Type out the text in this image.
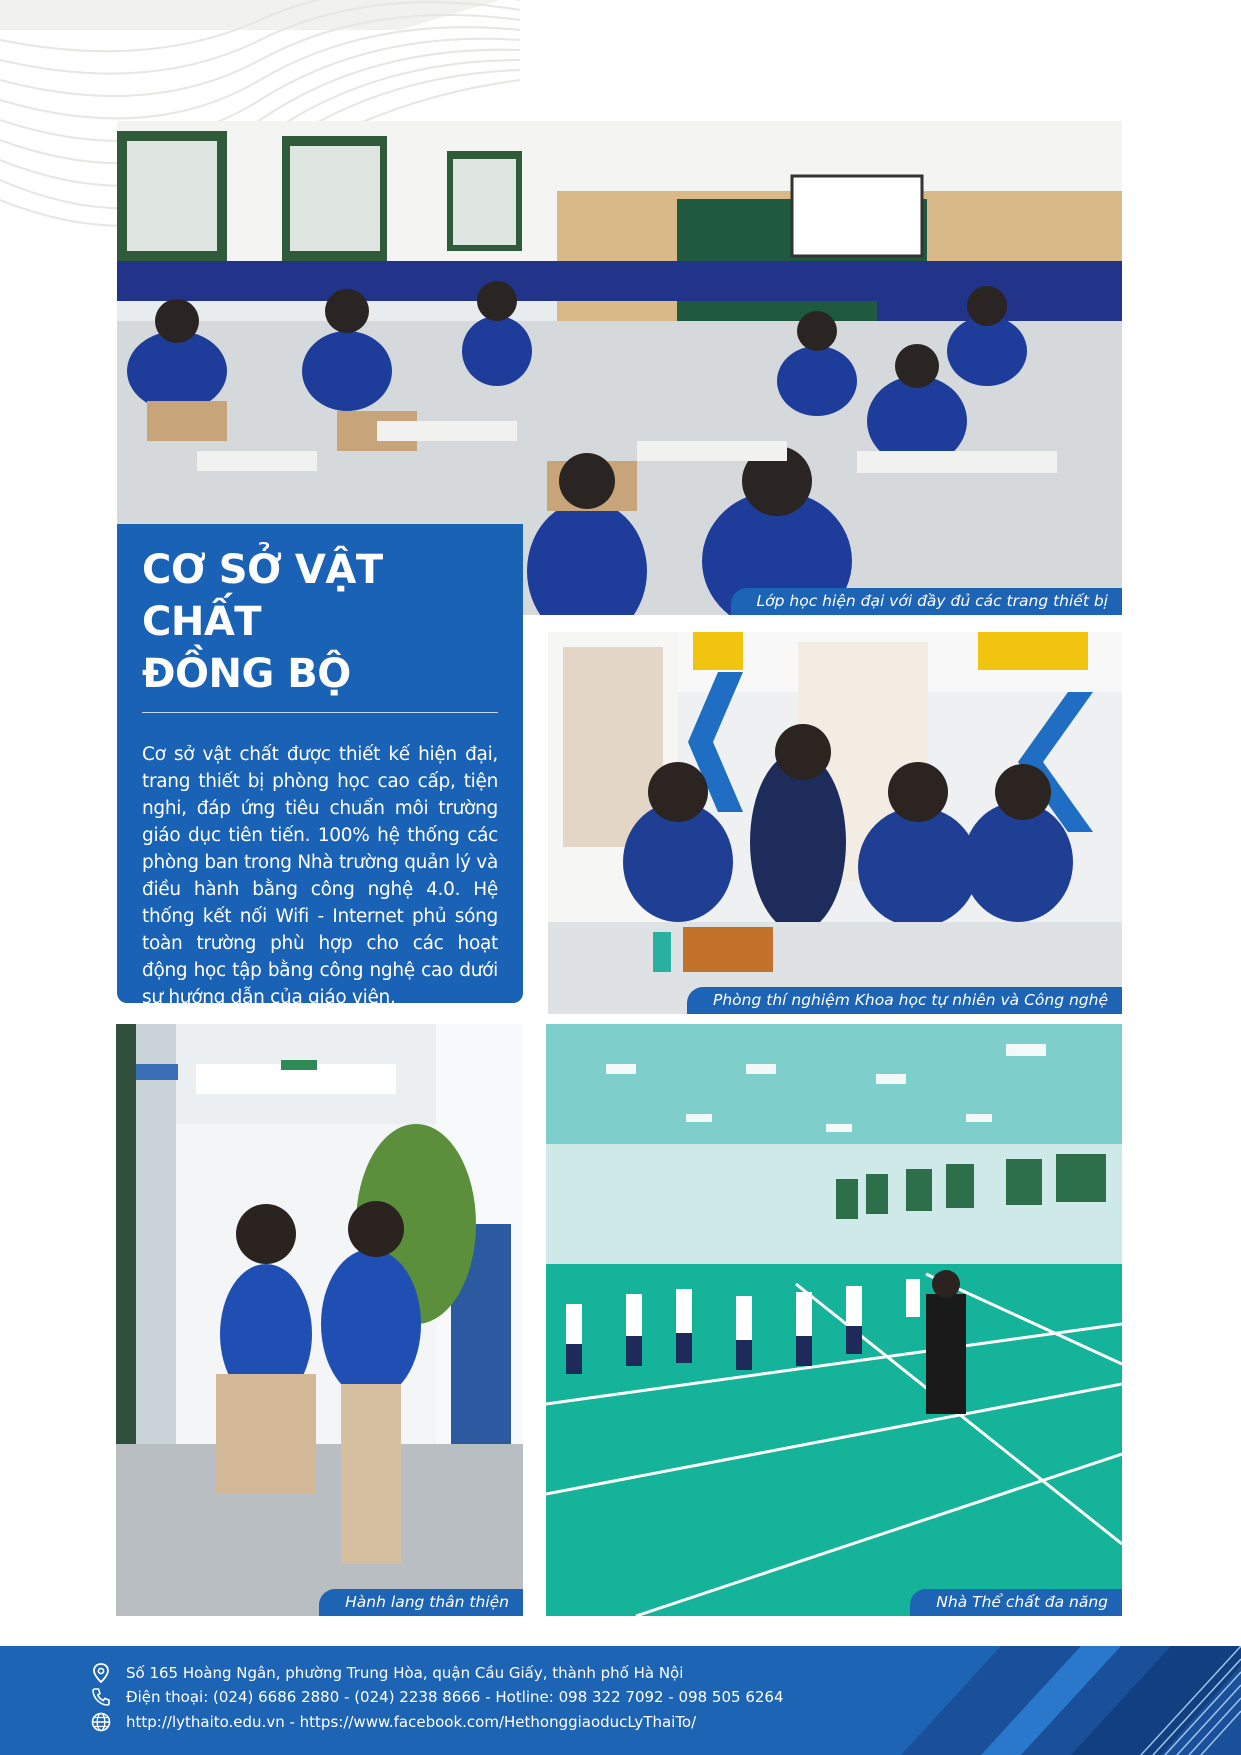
Lớp học hiện đại với đầy đủ các trang thiết bị
Phòng thí nghiệm Khoa học tự nhiên và Công nghệ
Hành lang thân thiện	Nhà Thể chất đa năng
CƠ SỞ VẬT CHẤT
ĐỒNG BỘ

Cơ sở vật chất được thiết kế hiện đại, trang thiết bị phòng học cao cấp, tiện nghi, đáp ứng tiêu chuẩn môi trường giáo dục tiên tiến. 100% hệ thống các phòng ban trong Nhà trường quản lý và điều hành bằng công nghệ 4.0. Hệ thống kết nối Wifi - Internet phủ sóng toàn trường phù hợp cho các hoạt động học tập bằng công nghệ cao dưới sự hướng dẫn của giáo viên.

Số 165 Hoàng Ngân, phường Trung Hòa, quận Cầu Giấy, thành phố Hà Nội
Điện thoại: (024) 6686 2880 - (024) 2238 8666 - Hotline: 098 322 7092 - 098 505 6264
http://lythaito.edu.vn - https://www.facebook.com/HethonggiaoducLyThaiTo/
